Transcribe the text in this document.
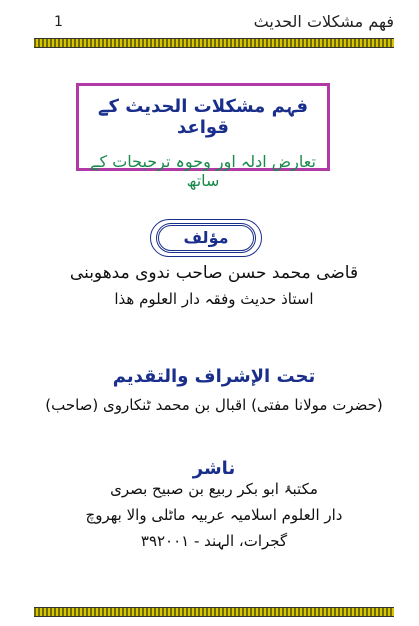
فهم مشكلات الحديث
1
فہم مشکلات الحدیث کے قواعد
تعارض ادلہ اور وجوہ ترجیحات کے ساتھ
مؤلف
قاضی محمد حسن صاحب ندوی مدھوبنی
استاذ حدیث وفقہ دار العلوم ھذا
تحت الإشراف والتقديم
(حضرت مولانا مفتی) اقبال بن محمد ٹنکاروی (صاحب)
ناشر
مکتبۂ ابو بکر ربیع بن صبیح بصری
دار العلوم اسلامیہ عربیہ ماٹلی والا بھروچ
گجرات، الہند - ۳۹۲۰۰۱
